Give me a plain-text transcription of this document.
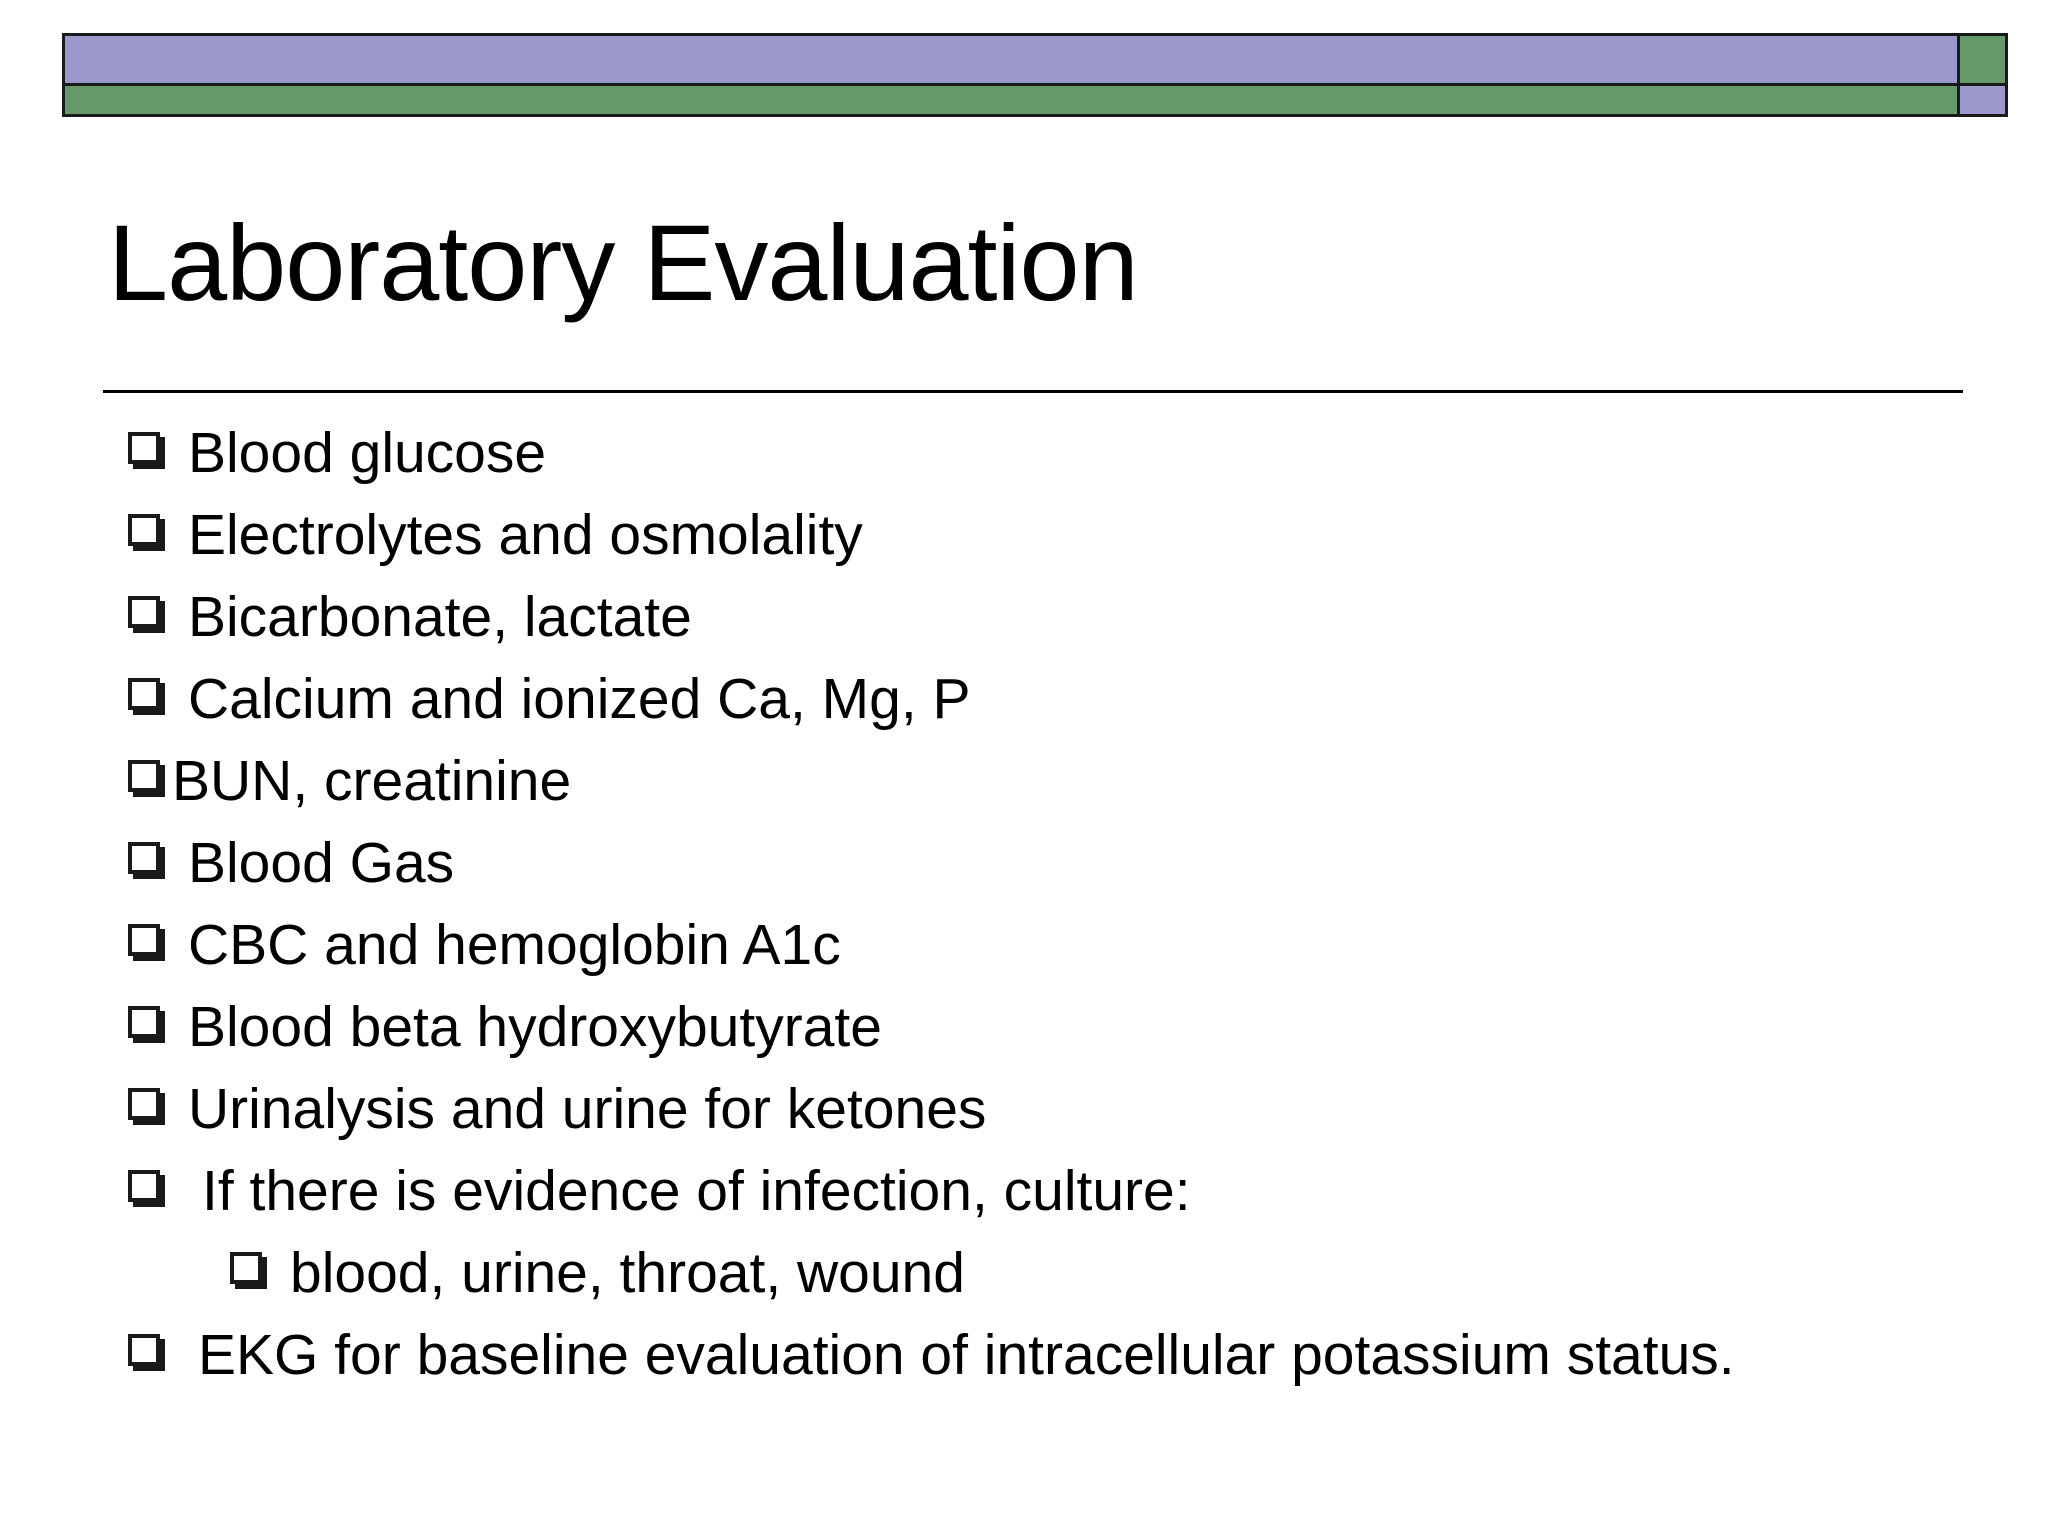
Laboratory Evaluation
Blood glucose
Electrolytes and osmolality
Bicarbonate, lactate
Calcium and ionized Ca, Mg, P
BUN, creatinine
Blood Gas
CBC and hemoglobin A1c
Blood beta hydroxybutyrate
Urinalysis and urine for ketones
If there is evidence of infection, culture:
blood, urine, throat, wound
EKG for baseline evaluation of intracellular potassium status.
